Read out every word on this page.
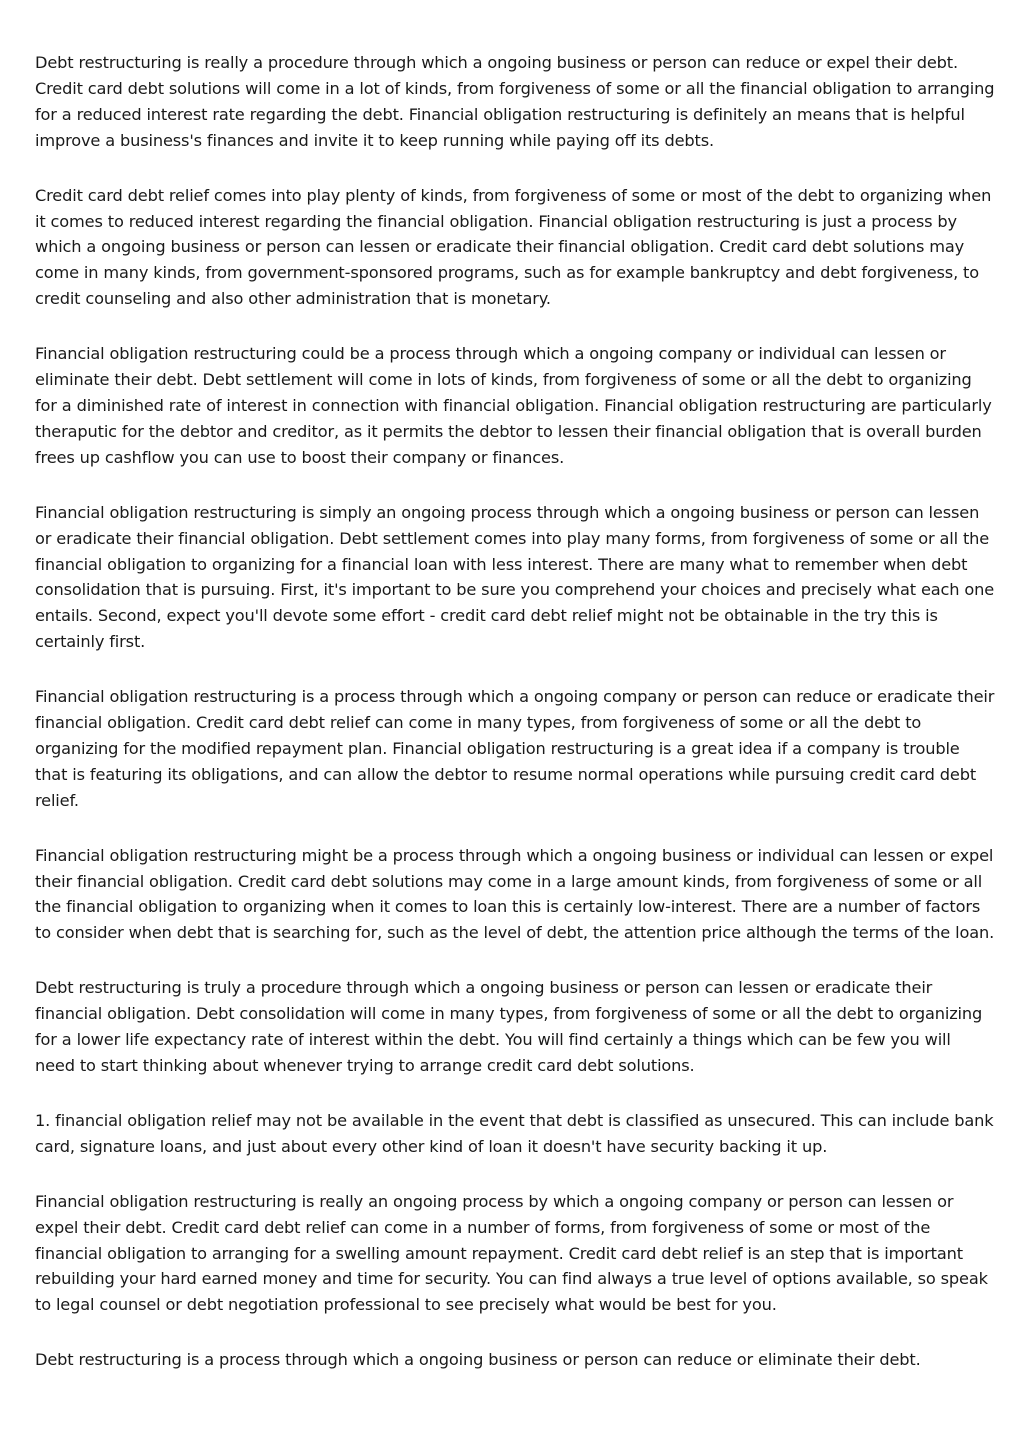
Debt restructuring is really a procedure through which a ongoing business or person can reduce or expel their debt. Credit card debt solutions will come in a lot of kinds, from forgiveness of some or all the financial obligation to arranging for a reduced interest rate regarding the debt. Financial obligation restructuring is definitely an means that is helpful improve a business's finances and invite it to keep running while paying off its debts.

Credit card debt relief comes into play plenty of kinds, from forgiveness of some or most of the debt to organizing when it comes to reduced interest regarding the financial obligation. Financial obligation restructuring is just a process by which a ongoing business or person can lessen or eradicate their financial obligation. Credit card debt solutions may come in many kinds, from government-sponsored programs, such as for example bankruptcy and debt forgiveness, to credit counseling and also other administration that is monetary.

Financial obligation restructuring could be a process through which a ongoing company or individual can lessen or eliminate their debt. Debt settlement will come in lots of kinds, from forgiveness of some or all the debt to organizing for a diminished rate of interest in connection with financial obligation. Financial obligation restructuring are particularly theraputic for the debtor and creditor, as it permits the debtor to lessen their financial obligation that is overall burden frees up cashflow you can use to boost their company or finances.

Financial obligation restructuring is simply an ongoing process through which a ongoing business or person can lessen or eradicate their financial obligation. Debt settlement comes into play many forms, from forgiveness of some or all the financial obligation to organizing for a financial loan with less interest. There are many what to remember when debt consolidation that is pursuing. First, it's important to be sure you comprehend your choices and precisely what each one entails. Second, expect you'll devote some effort - credit card debt relief might not be obtainable in the try this is certainly first.

Financial obligation restructuring is a process through which a ongoing company or person can reduce or eradicate their financial obligation. Credit card debt relief can come in many types, from forgiveness of some or all the debt to organizing for the modified repayment plan. Financial obligation restructuring is a great idea if a company is trouble that is featuring its obligations, and can allow the debtor to resume normal operations while pursuing credit card debt relief.

Financial obligation restructuring might be a process through which a ongoing business or individual can lessen or expel their financial obligation. Credit card debt solutions may come in a large amount kinds, from forgiveness of some or all the financial obligation to organizing when it comes to loan this is certainly low-interest. There are a number of factors to consider when debt that is searching for, such as the level of debt, the attention price although the terms of the loan.

Debt restructuring is truly a procedure through which a ongoing business or person can lessen or eradicate their financial obligation. Debt consolidation will come in many types, from forgiveness of some or all the debt to organizing for a lower life expectancy rate of interest within the debt. You will find certainly a things which can be few you will need to start thinking about whenever trying to arrange credit card debt solutions.

1. financial obligation relief may not be available in the event that debt is classified as unsecured. This can include bank card, signature loans, and just about every other kind of loan it doesn't have security backing it up.

Financial obligation restructuring is really an ongoing process by which a ongoing company or person can lessen or expel their debt. Credit card debt relief can come in a number of forms, from forgiveness of some or most of the financial obligation to arranging for a swelling amount repayment. Credit card debt relief is an step that is important rebuilding your hard earned money and time for security. You can find always a true level of options available, so speak to legal counsel or debt negotiation professional to see precisely what would be best for you.

Debt restructuring is a process through which a ongoing business or person can reduce or eliminate their debt.
